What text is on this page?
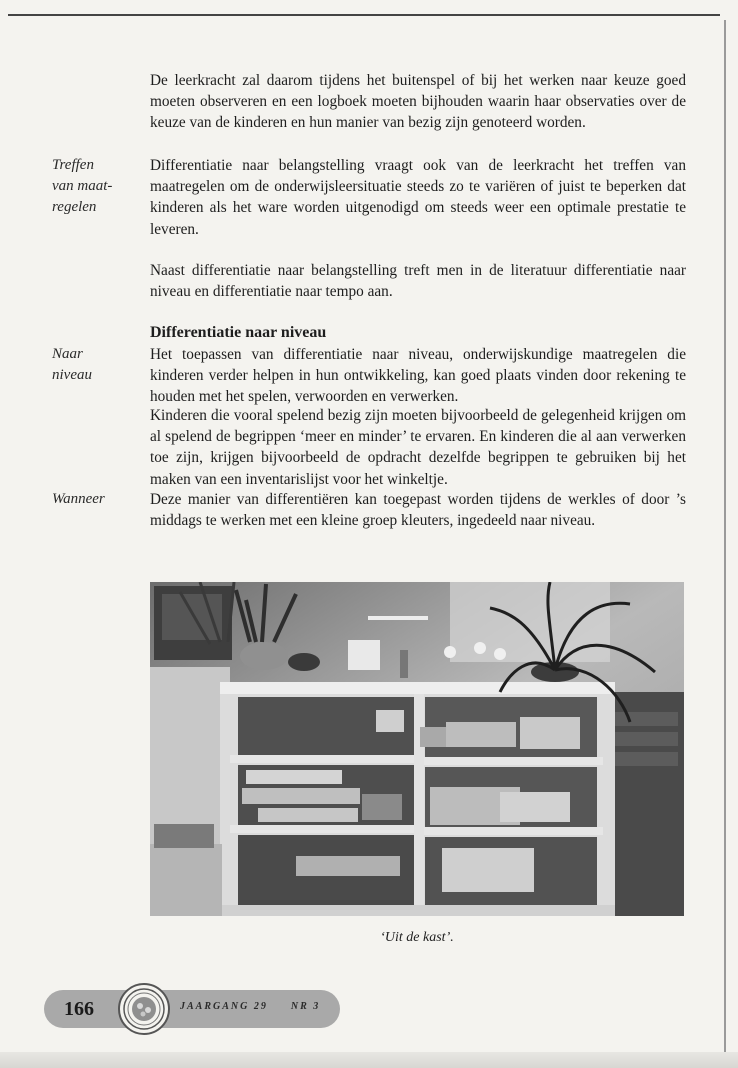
Treffen
van maat-
regelen
Naar
niveau
Wanneer

De leerkracht zal daarom tijdens het buitenspel of bij het werken naar keuze goed moeten observeren en een logboek moeten bijhouden waarin haar observaties over de keuze van de kinderen en hun manier van bezig zijn genoteerd worden.

Differentiatie naar belangstelling vraagt ook van de leerkracht het treffen van maatregelen om de onderwijsleersituatie steeds zo te variëren of juist te beperken dat kinderen als het ware worden uitgenodigd om steeds weer een optimale prestatie te leveren.

Naast differentiatie naar belangstelling treft men in de literatuur differentiatie naar niveau en differentiatie naar tempo aan.

Differentiatie naar niveau

Het toepassen van differentiatie naar niveau, onderwijskundige maatregelen die kinderen verder helpen in hun ontwikkeling, kan goed plaats vinden door rekening te houden met het spelen, verwoorden en verwerken.

Kinderen die vooral spelend bezig zijn moeten bijvoorbeeld de gelegenheid krijgen om al spelend de begrippen ‘meer en minder’ te ervaren. En kinderen die al aan verwerken toe zijn, krijgen bijvoorbeeld de opdracht dezelfde begrippen te gebruiken bij het maken van een inventarislijst voor het winkeltje.

Deze manier van differentiëren kan toegepast worden tijdens de werkles of door ’s middags te werken met een kleine groep kleuters, ingedeeld naar niveau.

‘Uit de kast’.
166	JAARGANG 29 NR 3
